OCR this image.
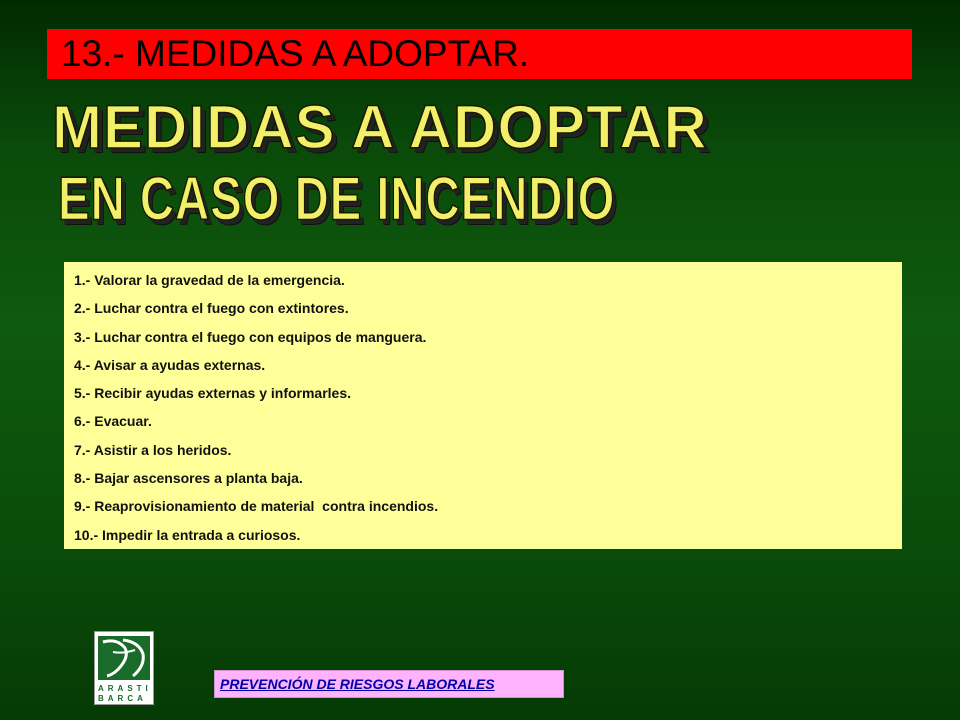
13.- MEDIDAS A ADOPTAR.
MEDIDAS A ADOPTAR
EN CASO DE INCENDIO
1.- Valorar la gravedad de la emergencia.
2.- Luchar contra el fuego con extintores.
3.- Luchar contra el fuego con equipos de manguera.
4.- Avisar a ayudas externas.
5.- Recibir ayudas externas y informarles.
6.- Evacuar.
7.- Asistir a los heridos.
8.- Bajar ascensores a planta baja.
9.- Reaprovisionamiento de material  contra incendios.
10.- Impedir la entrada a curiosos.
ARASTI
BARCA
PREVENCIÓN DE RIESGOS LABORALES
